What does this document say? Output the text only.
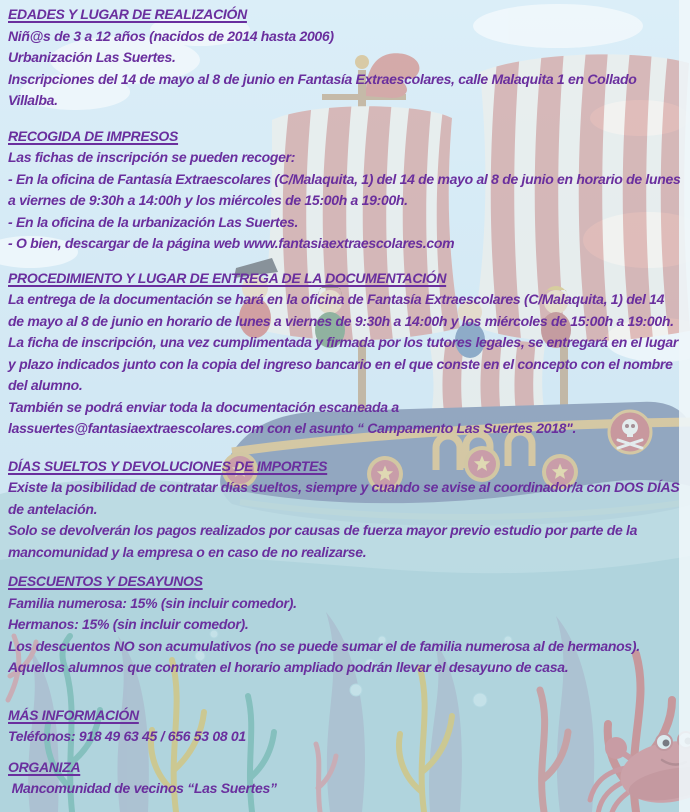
EDADES Y LUGAR DE REALIZACIÓN

Niñ@s de 3 a 12 años (nacidos de 2014 hasta 2006)

Urbanización Las Suertes.

Inscripciones del 14 de mayo al 8 de junio en Fantasía Extraescolares, calle Malaquita 1 en Collado Villalba.

RECOGIDA DE IMPRESOS

Las fichas de inscripción se pueden recoger:

- En la oficina de Fantasía Extraescolares (C/Malaquita, 1) del 14 de mayo al 8 de junio en horario de lunes a viernes de 9:30h a 14:00h y los miércoles de 15:00h a 19:00h.

- En la oficina de la urbanización Las Suertes.

- O bien, descargar de la página web www.fantasiaextraescolares.com

PROCEDIMIENTO Y LUGAR DE ENTREGA DE LA DOCUMENTACIÓN

La entrega de la documentación se hará en la oficina de Fantasía Extraescolares (C/Malaquita, 1) del 14 de mayo al 8 de junio en horario de lunes a viernes de 9:30h a 14:00h y los miércoles de 15:00h a 19:00h.

La ficha de inscripción, una vez cumplimentada y firmada por los tutores legales, se entregará en el lugar y plazo indicados junto con la copia del ingreso bancario en el que conste en el concepto con el nombre del alumno.

También se podrá enviar toda la documentación escaneada a

lassuertes@fantasiaextraescolares.com con el asunto “ Campamento Las Suertes 2018".

DÍAS SUELTOS Y DEVOLUCIONES DE IMPORTES

Existe la posibilidad de contratar días sueltos, siempre y cuando se avise al coordinador/a con DOS DÍAS de antelación.

Solo se devolverán los pagos realizados por causas de fuerza mayor previo estudio por parte de la mancomunidad y la empresa o en caso de no realizarse.

DESCUENTOS Y DESAYUNOS

Familia numerosa: 15% (sin incluir comedor).

Hermanos: 15% (sin incluir comedor).

Los descuentos NO son acumulativos (no se puede sumar el de familia numerosa al de hermanos).

Aquellos alumnos que contraten el horario ampliado podrán llevar el desayuno de casa.

MÁS INFORMACIÓN

Teléfonos: 918 49 63 45 / 656 53 08 01

ORGANIZA

Mancomunidad de vecinos “Las Suertes”
